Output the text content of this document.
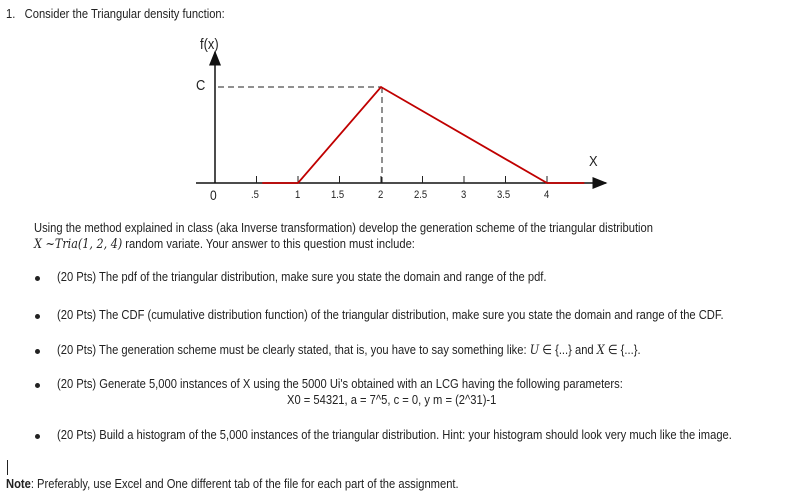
1. Consider the Triangular density function:
f(x)
C
X
0	.5	1	1.5	2	2.5	3	3.5	4
Using the method explained in class (aka Inverse transformation) develop the generation scheme of the triangular distribution
X ~Tria(1, 2, 4) random variate. Your answer to this question must include:
(20 Pts) The pdf of the triangular distribution, make sure you state the domain and range of the pdf.
(20 Pts) The CDF (cumulative distribution function) of the triangular distribution, make sure you state the domain and range of the CDF.
(20 Pts) The generation scheme must be clearly stated, that is, you have to say something like: U ∈ {...} and X ∈ {...}.
(20 Pts) Generate 5,000 instances of X using the 5000 Ui's obtained with an LCG having the following parameters:
X0 = 54321, a = 7^5, c = 0, y m = (2^31)-1
(20 Pts) Build a histogram of the 5,000 instances of the triangular distribution. Hint: your histogram should look very much like the image.
Note: Preferably, use Excel and One different tab of the file for each part of the assignment.
